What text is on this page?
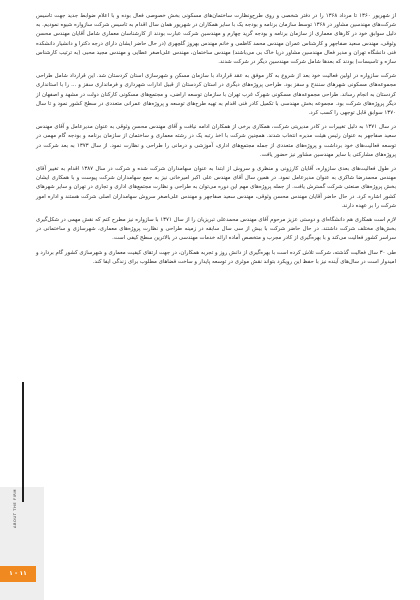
از شهریور ۱۳۶۰ تا مرداد ۱۳۶۸ را در دفتر شخصی و روی طرح‌ونظارت ساختمان‌های مسکونی بخش خصوصی فعال بوده و با اعلام ضوابط جدید جهت تاسیس شرکت‌های مهندسین مشاور در ۱۳۶۸ توسط سازمان برنامه و بودجه یک با سایر همکاران در شهریور همان سال اقدام به تاسیس شرکت سازواره شیوه نمودیم. به دلیل سوابق خود در کارهای معماری از سازمان برنامه و بودجه گرید چهارم و مهندسین شرکت عبارت بودند از کارشناسان معماری شامل آقایان مهندس محسن وثوقی، مهندس سعید صفاجهر و کارشناس عمران مهندس محمد کاظمی و خانم مهندس بهروز گلچهری (در حال حاضر ایشان دارای درجه دکترا و دانشیار دانشکده فنی دانشگاه تهران و مدیر فعال مهندسین مشاور دریا خاک بی می‌باشند) مهندس ساختمان، مهندس علی‌اصغر عطایی و مهندس مجید محبی (به ترتیب کارشناس سازه و تاسیسات) بودند که بعدها شامل شرکت مهندسین دیگر در شرکت شدند.

شرکت سازواره در اولین فعالیت خود بعد از شروع به کار موفق به عقد قرارداد با سازمان مسکن و شهرسازی استان کردستان شد. این قرارداد شامل طراحی مجموعه‌های مسکونی شهرهای سنندج و سقز بود. طراحی پروژه‌های دیگری در استان کردستان از قبیل ادارات شهرداری و فرمانداری سقز و ... را با استانداری کردستان به انجام رساند. طراحی مجموعه‌های مسکونی شهرک غرب تهران با سازمان توسعه اراضی، و مجتمع‌های مسکونی کارکنان دولت در مشهد و اصفهان از دیگر پروژه‌های شرکت بود. مجموعه بخش مهندسی با تکمیل کادر فنی اقدام به تهیه طرح‌های توسعه و پروژه‌های عمرانی متعددی در سطح کشور نمود و تا سال ۱۳۷۰ سوابق قابل توجهی را کسب کرد.

در سال ۱۳۷۱ به دلیل تغییرات در کادر مدیریتی شرکت، همکاری برخی از همکاران ادامه نیافت و آقای مهندس محسن وثوقی به عنوان مدیرعامل و آقای مهندس سعید صفاجهر به عنوان رئیس هیئت مدیره انتخاب شدند. همچنین شرکت با اخذ رتبه یک در رشته معماری و ساختمان از سازمان برنامه و بودجه گام مهمی در توسعه فعالیت‌های خود برداشت و پروژه‌های متعددی از جمله مجتمع‌های اداری، آموزشی و درمانی را طراحی و نظارت نمود. از سال ۱۳۷۳ به بعد شرکت در پروژه‌های مشارکتی با سایر مهندسین مشاور نیز حضور یافت.

در طول فعالیت‌های بعدی سازواره، آقایان کارزونی و منظری و سروش از ابتدا به عنوان سهامداران شرکت شده و شرکت در سال ۱۳۸۷ اقدام به تغییر آقای مهندس محمدرضا شاکری به عنوان مدیرعامل نمود. در همین سال آقای مهندس علی اکبر امیرخانی نیز به جمع سهامداران شرکت پیوست و با همکاری ایشان بخش پروژه‌های صنعتی شرکت گسترش یافت. از جمله پروژه‌های مهم این دوره می‌توان به طراحی و نظارت مجتمع‌های اداری و تجاری در تهران و سایر شهرهای کشور اشاره کرد. در حال حاضر آقایان مهندس محسن وثوقی، مهندس سعید صفاجهر و مهندس علی‌اصغر سروش سهامداران اصلی شرکت هستند و اداره امور شرکت را بر عهده دارند.

لازم است همکاری هم دانشگاه‌ای و دوستی عزیز مرحوم آقای مهندس محمدعلی تبریزیان را از سال ۱۳۷۱ با سازواره نیز مطرح کنم که نقش مهمی در شکل‌گیری بخش‌های مختلف شرکت داشتند. در حال حاضر شرکت با بیش از سی سال سابقه در زمینه طراحی و نظارت پروژه‌های معماری، شهرسازی و ساختمانی در سراسر کشور فعالیت می‌کند و با بهره‌گیری از کادر مجرب و متخصص آماده ارائه خدمات مهندسی در بالاترین سطح کیفی است.

طی ۳۰ سال فعالیت گذشته، شرکت تلاش کرده است با بهره‌گیری از دانش روز و تجربه همکاران، در جهت ارتقای کیفیت معماری و شهرسازی کشور گام بردارد و امیدوار است در سال‌های آینده نیز با حفظ این رویکرد بتواند نقش موثری در توسعه پایدار و ساخت فضاهای مطلوب برای زندگی ایفا کند.

ABOUT THE FIRM
۱ - ۱۱
